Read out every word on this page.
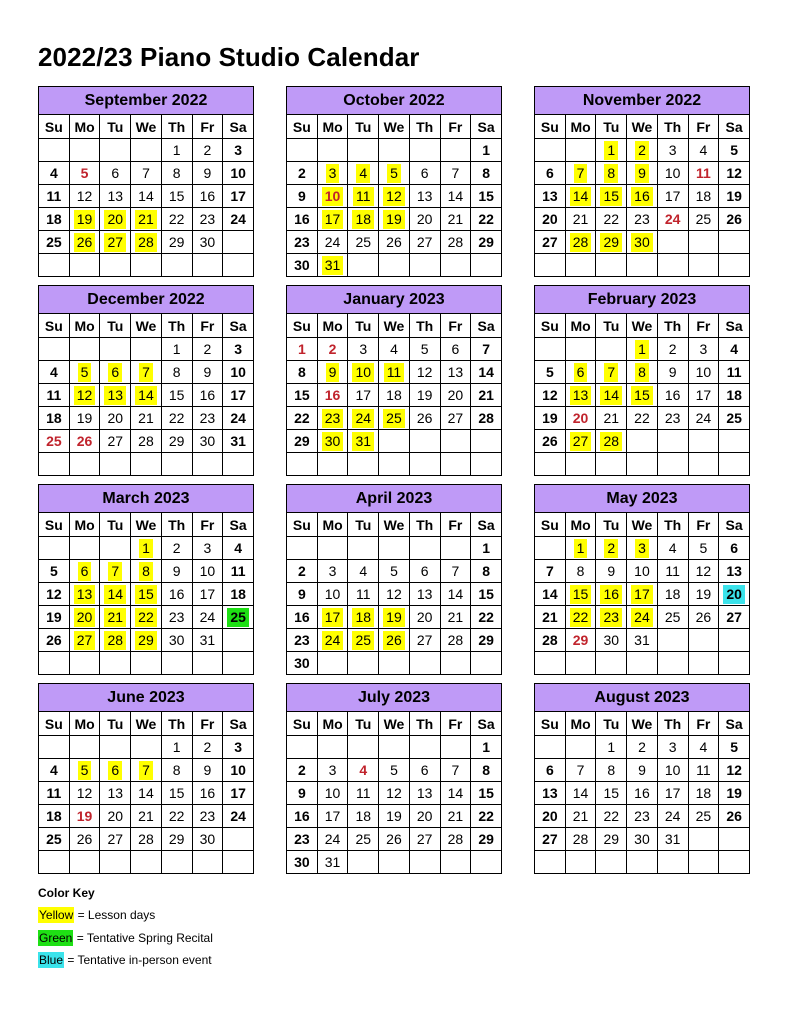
2022/23 Piano Studio Calendar
September 2022						
Su	Mo	Tu	We	Th	Fr	Sa
				1	2	3
4	5	6	7	8	9	10
11	12	13	14	15	16	17
18	19	20	21	22	23	24
25	26	27	28	29	30	

October 2022						
Su	Mo	Tu	We	Th	Fr	Sa
						1
2	3	4	5	6	7	8
9	10	11	12	13	14	15
16	17	18	19	20	21	22
23	24	25	26	27	28	29
30	31					
November 2022						
Su	Mo	Tu	We	Th	Fr	Sa
		1	2	3	4	5
6	7	8	9	10	11	12
13	14	15	16	17	18	19
20	21	22	23	24	25	26
27	28	29	30			

December 2022						
Su	Mo	Tu	We	Th	Fr	Sa
				1	2	3
4	5	6	7	8	9	10
11	12	13	14	15	16	17
18	19	20	21	22	23	24
25	26	27	28	29	30	31

January 2023						
Su	Mo	Tu	We	Th	Fr	Sa
1	2	3	4	5	6	7
8	9	10	11	12	13	14
15	16	17	18	19	20	21
22	23	24	25	26	27	28
29	30	31				

February 2023						
Su	Mo	Tu	We	Th	Fr	Sa
			1	2	3	4
5	6	7	8	9	10	11
12	13	14	15	16	17	18
19	20	21	22	23	24	25
26	27	28				

March 2023						
Su	Mo	Tu	We	Th	Fr	Sa
			1	2	3	4
5	6	7	8	9	10	11
12	13	14	15	16	17	18
19	20	21	22	23	24	25
26	27	28	29	30	31	

April 2023						
Su	Mo	Tu	We	Th	Fr	Sa
						1
2	3	4	5	6	7	8
9	10	11	12	13	14	15
16	17	18	19	20	21	22
23	24	25	26	27	28	29
30						
May 2023						
Su	Mo	Tu	We	Th	Fr	Sa
	1	2	3	4	5	6
7	8	9	10	11	12	13
14	15	16	17	18	19	20
21	22	23	24	25	26	27
28	29	30	31			

June 2023						
Su	Mo	Tu	We	Th	Fr	Sa
				1	2	3
4	5	6	7	8	9	10
11	12	13	14	15	16	17
18	19	20	21	22	23	24
25	26	27	28	29	30	

July 2023						
Su	Mo	Tu	We	Th	Fr	Sa
						1
2	3	4	5	6	7	8
9	10	11	12	13	14	15
16	17	18	19	20	21	22
23	24	25	26	27	28	29
30	31					
August 2023						
Su	Mo	Tu	We	Th	Fr	Sa
		1	2	3	4	5
6	7	8	9	10	11	12
13	14	15	16	17	18	19
20	21	22	23	24	25	26
27	28	29	30	31		

Color Key
Yellow = Lesson days
Green = Tentative Spring Recital
Blue = Tentative in-person event
